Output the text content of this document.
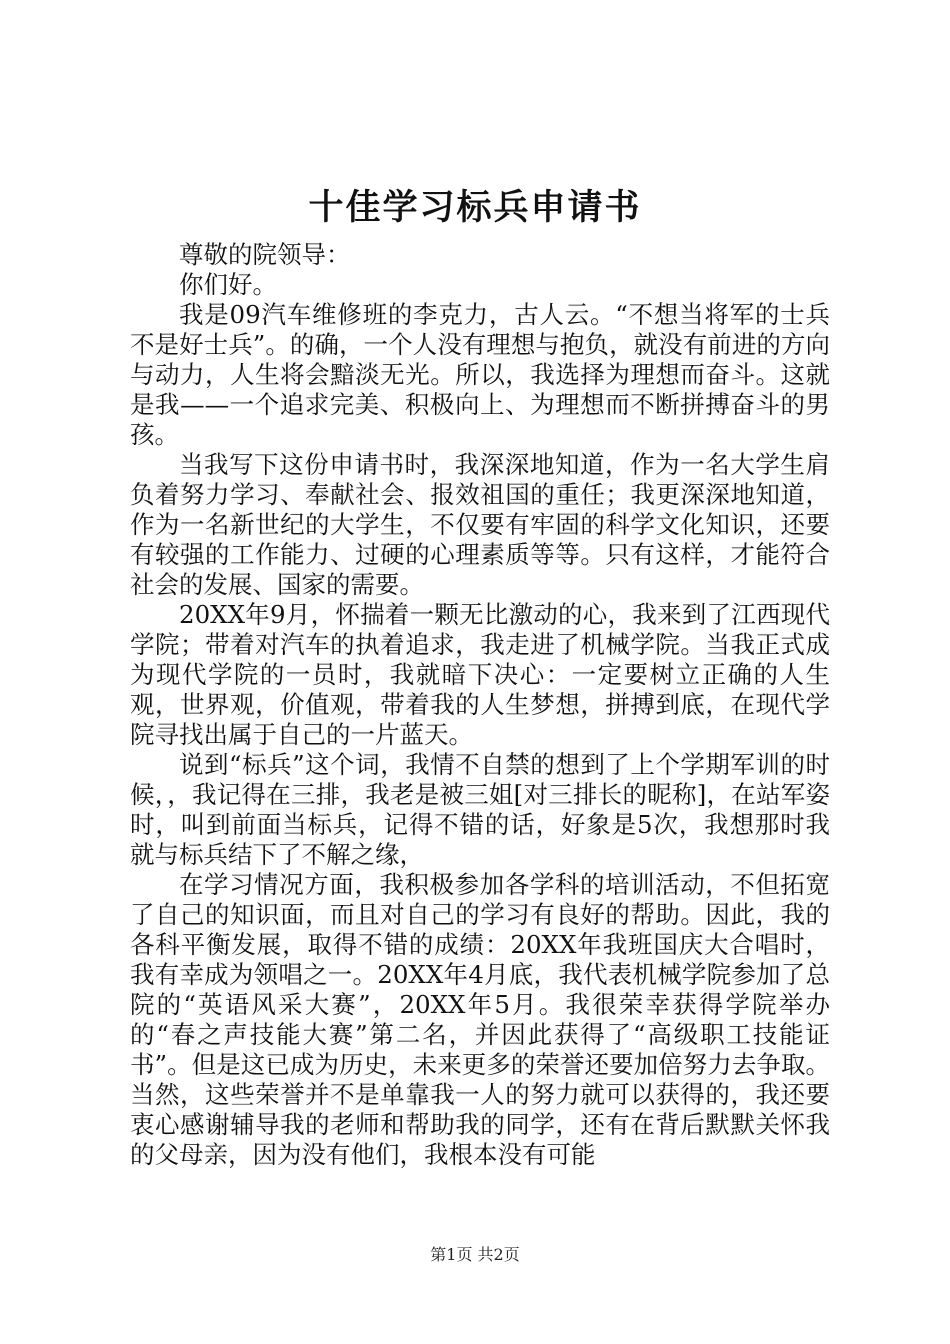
十佳学习标兵申请书

尊敬的院领导：

你们好。

我是09汽车维修班的李克力，古人云。“不想当将军的士兵不是好士兵”。的确，一个人没有理想与抱负，就没有前进的方向与动力，人生将会黯淡无光。所以，我选择为理想而奋斗。这就是我——一个追求完美、积极向上、为理想而不断拼搏奋斗的男孩。

当我写下这份申请书时，我深深地知道，作为一名大学生肩负着努力学习、奉献社会、报效祖国的重任；我更深深地知道，作为一名新世纪的大学生，不仅要有牢固的科学文化知识，还要有较强的工作能力、过硬的心理素质等等。只有这样，才能符合社会的发展、国家的需要。

20XX年9月，怀揣着一颗无比激动的心，我来到了江西现代学院；带着对汽车的执着追求，我走进了机械学院。当我正式成为现代学院的一员时，我就暗下决心：一定要树立正确的人生观，世界观，价值观，带着我的人生梦想，拼搏到底，在现代学院寻找出属于自己的一片蓝天。

说到“标兵”这个词，我情不自禁的想到了上个学期军训的时候，，我记得在三排，我老是被三姐[对三排长的昵称]，在站军姿时，叫到前面当标兵，记得不错的话，好象是5次，我想那时我就与标兵结下了不解之缘，

在学习情况方面，我积极参加各学科的培训活动，不但拓宽了自己的知识面，而且对自己的学习有良好的帮助。因此，我的各科平衡发展，取得不错的成绩：20XX年我班国庆大合唱时，我有幸成为领唱之一。20XX年4月底，我代表机械学院参加了总院的“英语风采大赛”，20XX年5月。我很荣幸获得学院举办的“春之声技能大赛”第二名，并因此获得了“高级职工技能证书”。但是这已成为历史，未来更多的荣誉还要加倍努力去争取。当然，这些荣誉并不是单靠我一人的努力就可以获得的，我还要衷心感谢辅导我的老师和帮助我的同学，还有在背后默默关怀我的父母亲，因为没有他们，我根本没有可能

第1页 共2页
